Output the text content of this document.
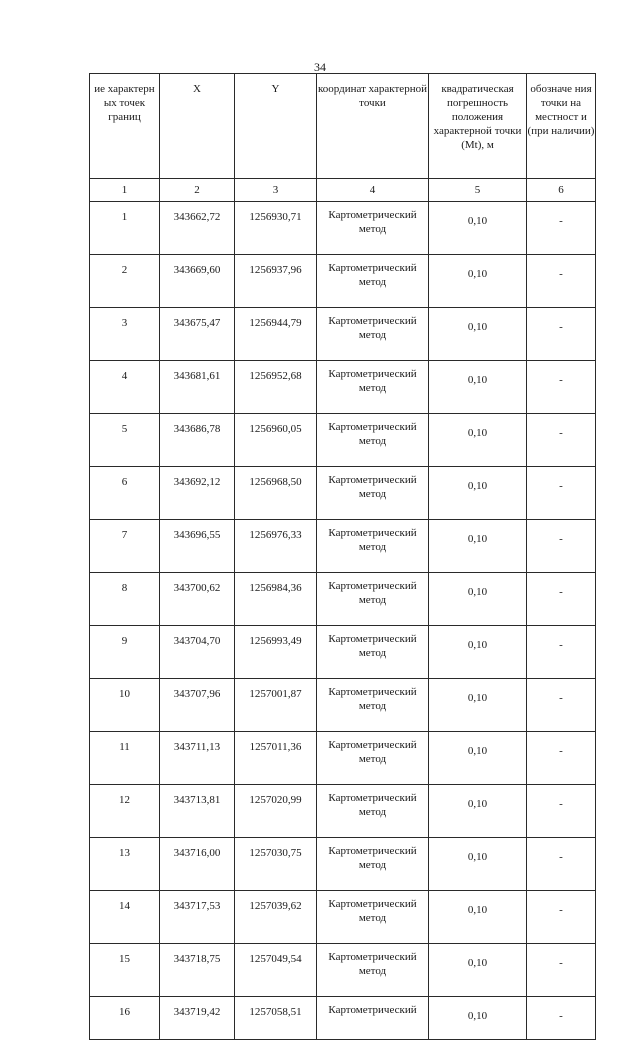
34
ие характерн ых точек границ	X	Y	координат характерной точки	квадратическая погрешность положения характерной точки (Mt), м	обозначе ния точки на местност и (при наличии)
1	2	3	4	5	6
1	343662,72	1256930,71	Картометрический метод	0,10	-
2	343669,60	1256937,96	Картометрический метод	0,10	-
3	343675,47	1256944,79	Картометрический метод	0,10	-
4	343681,61	1256952,68	Картометрический метод	0,10	-
5	343686,78	1256960,05	Картометрический метод	0,10	-
6	343692,12	1256968,50	Картометрический метод	0,10	-
7	343696,55	1256976,33	Картометрический метод	0,10	-
8	343700,62	1256984,36	Картометрический метод	0,10	-
9	343704,70	1256993,49	Картометрический метод	0,10	-
10	343707,96	1257001,87	Картометрический метод	0,10	-
11	343711,13	1257011,36	Картометрический метод	0,10	-
12	343713,81	1257020,99	Картометрический метод	0,10	-
13	343716,00	1257030,75	Картометрический метод	0,10	-
14	343717,53	1257039,62	Картометрический метод	0,10	-
15	343718,75	1257049,54	Картометрический метод	0,10	-
16	343719,42	1257058,51	Картометрический	0,10	-
